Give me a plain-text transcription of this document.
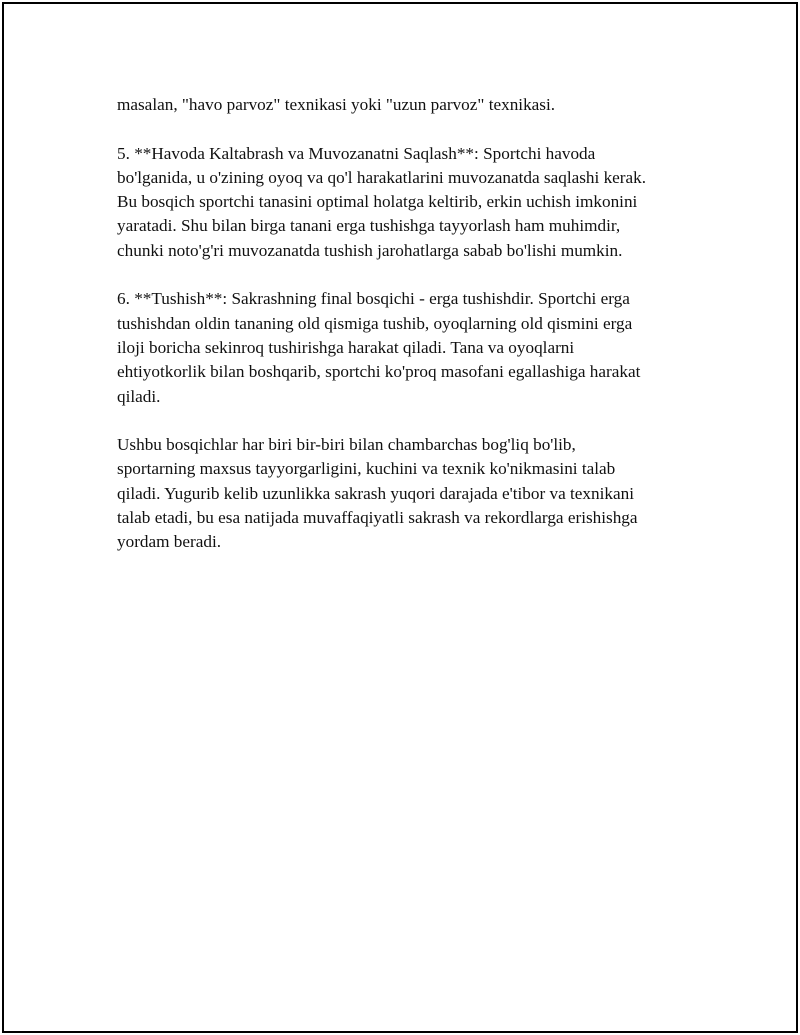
masalan, "havo parvoz" texnikasi yoki "uzun parvoz" texnikasi.

5. **Havoda Kaltabrash va Muvozanatni Saqlash**: Sportchi havoda
bo'lganida, u o'zining oyoq va qo'l harakatlarini muvozanatda saqlashi kerak.
Bu bosqich sportchi tanasini optimal holatga keltirib, erkin uchish imkonini
yaratadi. Shu bilan birga tanani erga tushishga tayyorlash ham muhimdir,
chunki noto'g'ri muvozanatda tushish jarohatlarga sabab bo'lishi mumkin.

6. **Tushish**: Sakrashning final bosqichi - erga tushishdir. Sportchi erga
tushishdan oldin tananing old qismiga tushib, oyoqlarning old qismini erga
iloji boricha sekinroq tushirishga harakat qiladi. Tana va oyoqlarni
ehtiyotkorlik bilan boshqarib, sportchi ko'proq masofani egallashiga harakat
qiladi.

Ushbu bosqichlar har biri bir-biri bilan chambarchas bog'liq bo'lib,
sportarning maxsus tayyorgarligini, kuchini va texnik ko'nikmasini talab
qiladi. Yugurib kelib uzunlikka sakrash yuqori darajada e'tibor va texnikani
talab etadi, bu esa natijada muvaffaqiyatli sakrash va rekordlarga erishishga
yordam beradi.
